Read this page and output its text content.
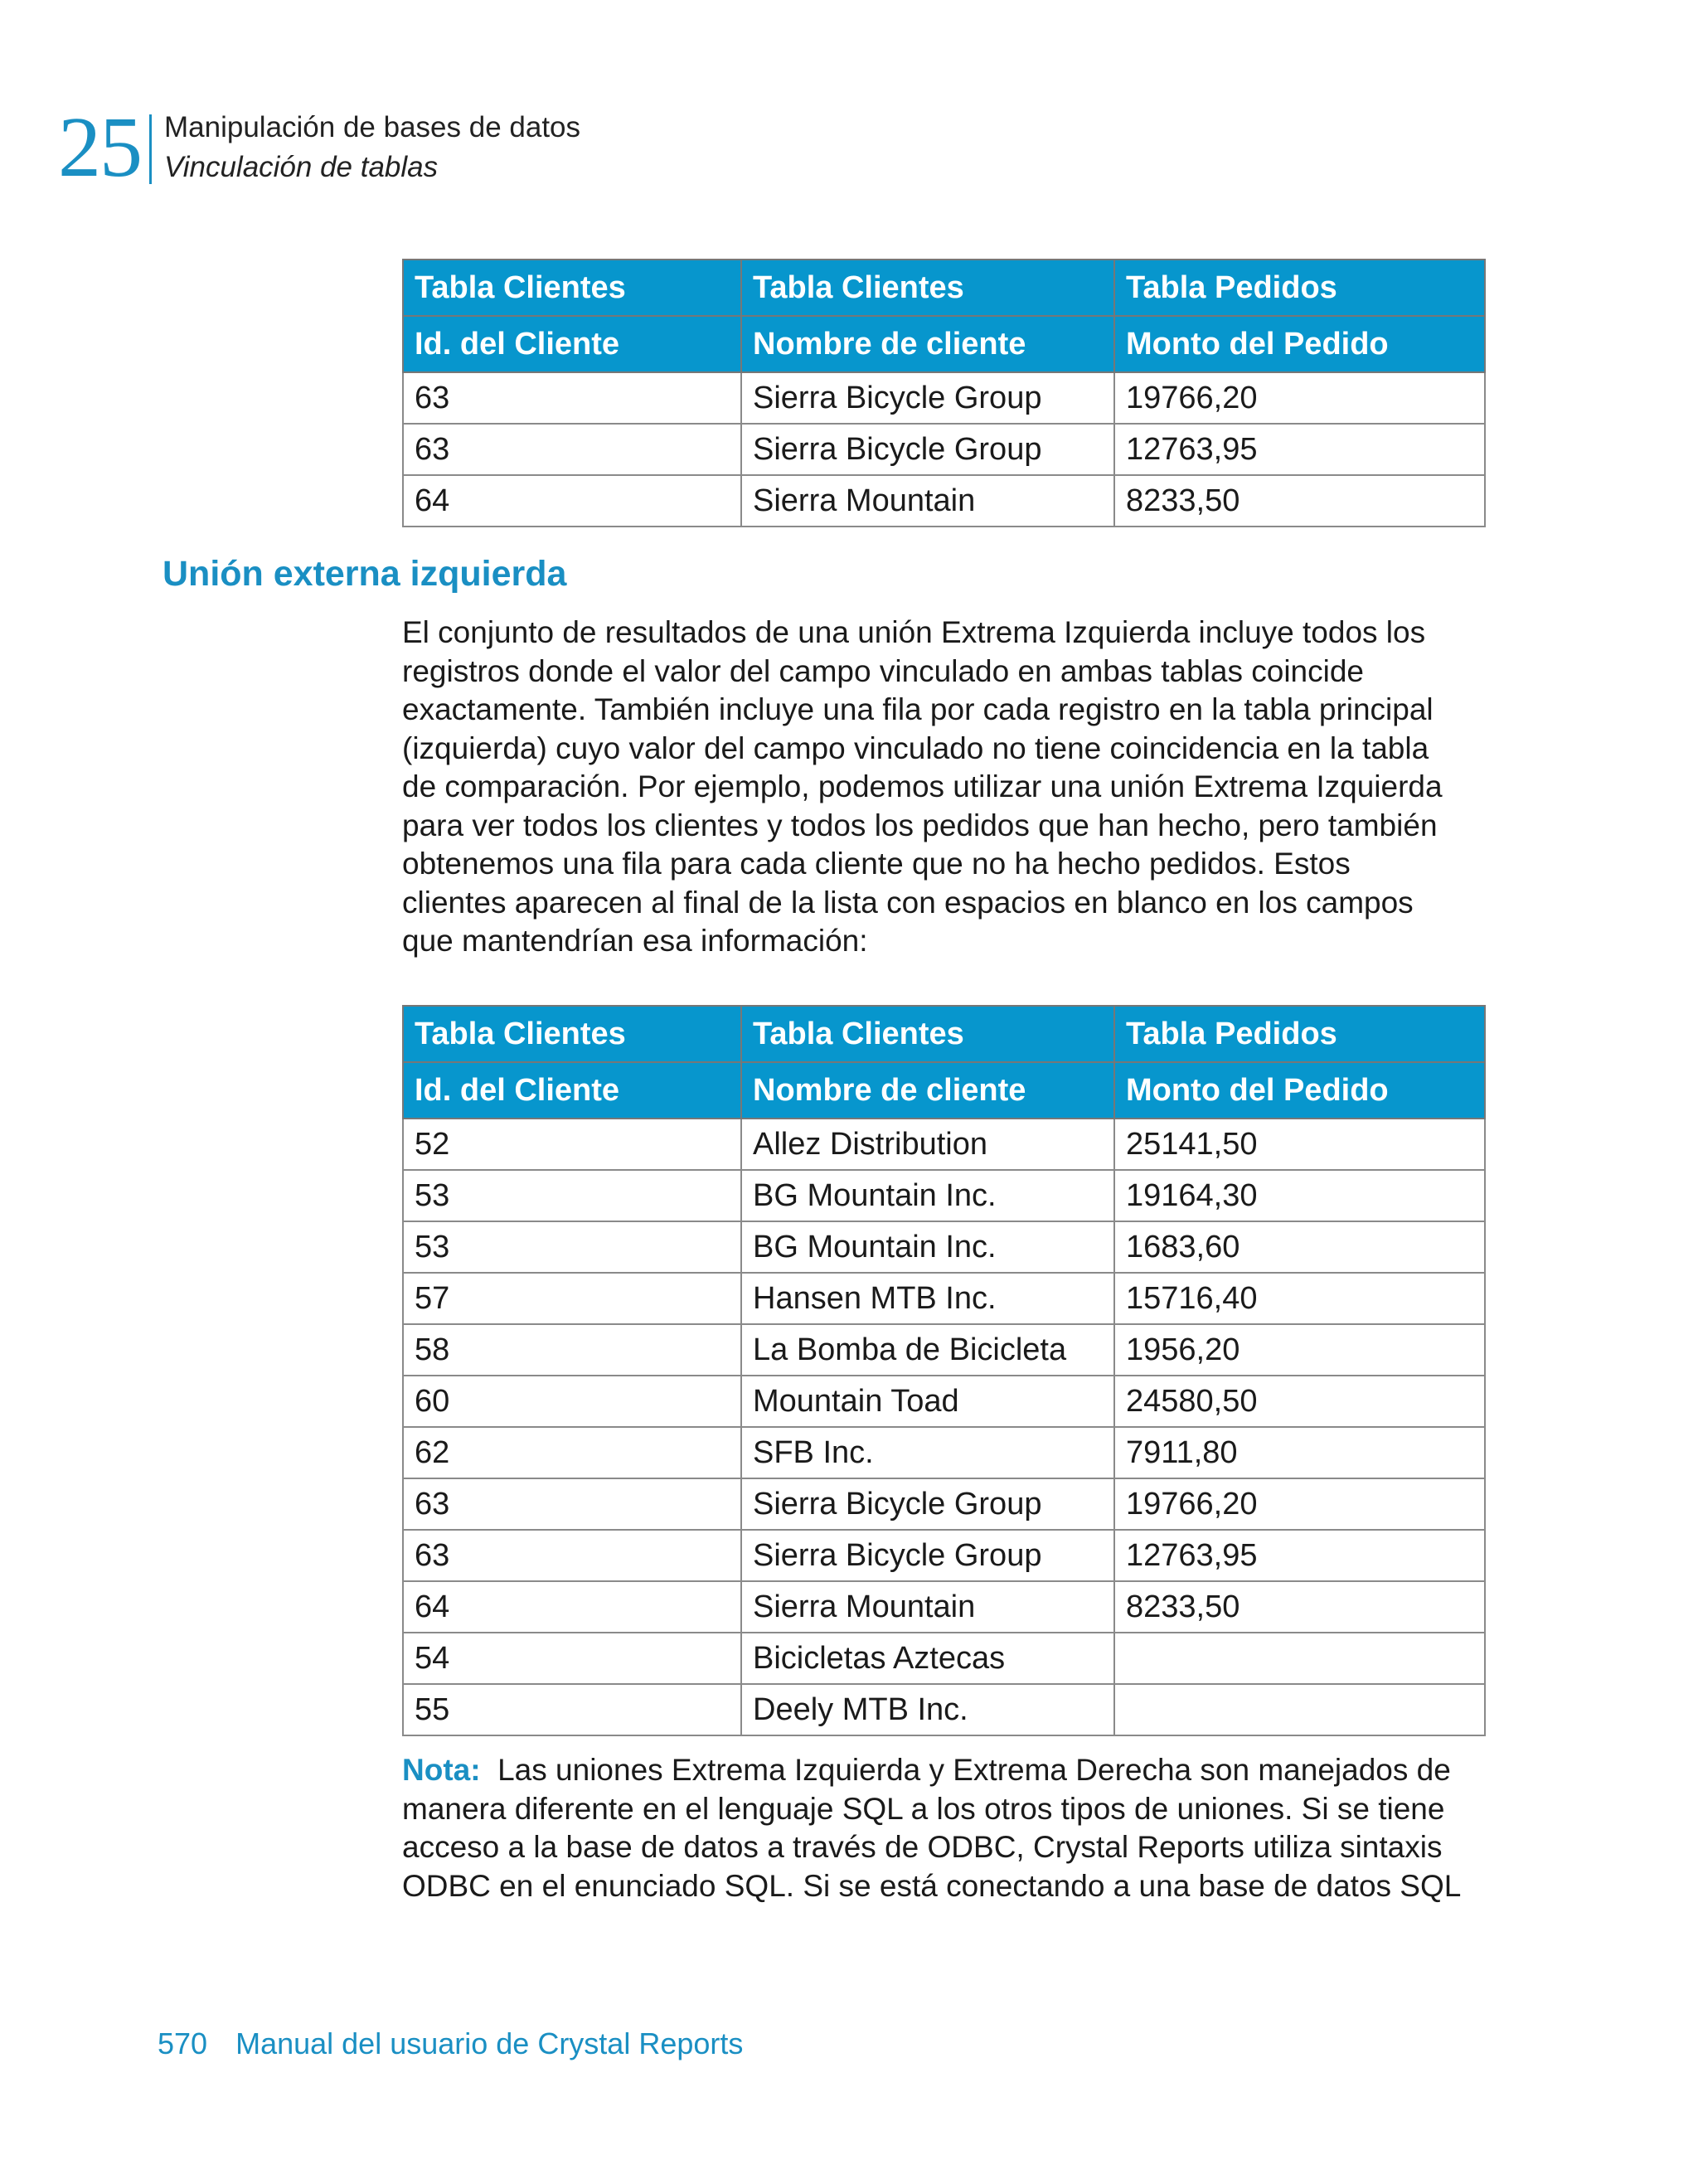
25 Manipulación de bases de datos
Vinculación de tablas
Tabla Clientes	Tabla Clientes	Tabla Pedidos
Id. del Cliente	Nombre de cliente	Monto del Pedido
63	Sierra Bicycle Group	19766,20
63	Sierra Bicycle Group	12763,95
64	Sierra Mountain	8233,50
Unión externa izquierda
El conjunto de resultados de una unión Extrema Izquierda incluye todos los
registros donde el valor del campo vinculado en ambas tablas coincide
exactamente. También incluye una fila por cada registro en la tabla principal
(izquierda) cuyo valor del campo vinculado no tiene coincidencia en la tabla
de comparación. Por ejemplo, podemos utilizar una unión Extrema Izquierda
para ver todos los clientes y todos los pedidos que han hecho, pero también
obtenemos una fila para cada cliente que no ha hecho pedidos. Estos
clientes aparecen al final de la lista con espacios en blanco en los campos
que mantendrían esa información:
Tabla Clientes	Tabla Clientes	Tabla Pedidos
Id. del Cliente	Nombre de cliente	Monto del Pedido
52	Allez Distribution	25141,50
53	BG Mountain Inc.	19164,30
53	BG Mountain Inc.	1683,60
57	Hansen MTB Inc.	15716,40
58	La Bomba de Bicicleta	1956,20
60	Mountain Toad	24580,50
62	SFB Inc.	7911,80
63	Sierra Bicycle Group	19766,20
63	Sierra Bicycle Group	12763,95
64	Sierra Mountain	8233,50
54	Bicicletas Aztecas	
55	Deely MTB Inc.	
Nota: Las uniones Extrema Izquierda y Extrema Derecha son manejados de
manera diferente en el lenguaje SQL a los otros tipos de uniones. Si se tiene
acceso a la base de datos a través de ODBC, Crystal Reports utiliza sintaxis
ODBC en el enunciado SQL. Si se está conectando a una base de datos SQL
570 Manual del usuario de Crystal Reports
